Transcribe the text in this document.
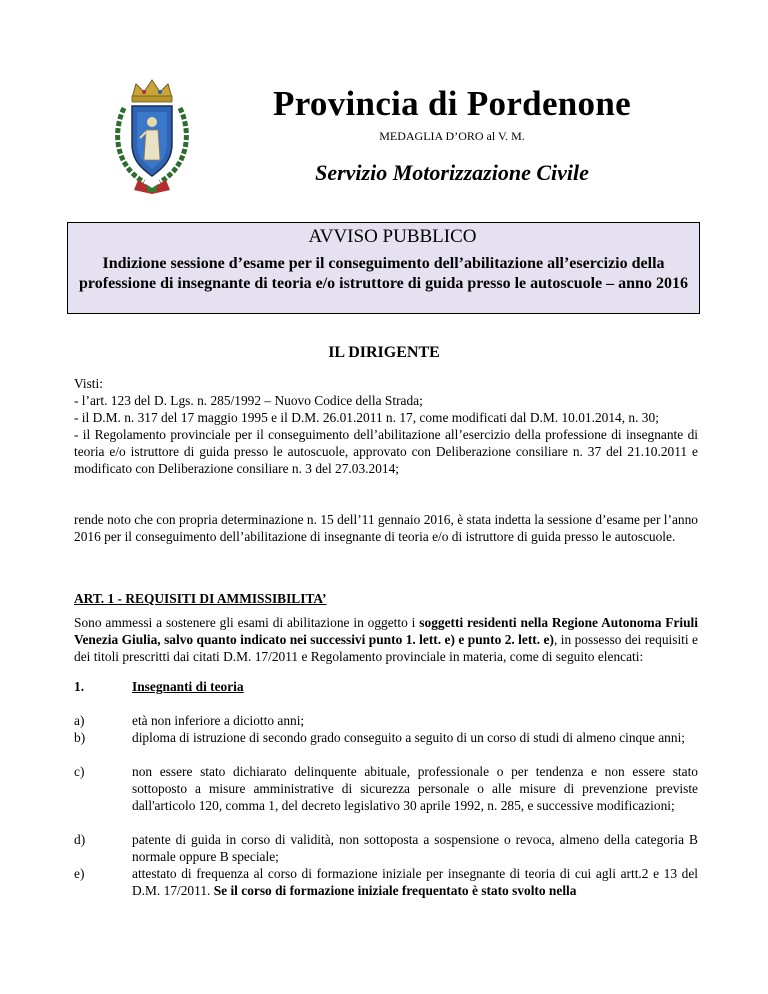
Provincia di Pordenone
MEDAGLIA D’ORO al V. M.
Servizio Motorizzazione Civile
AVVISO PUBBLICO
Indizione sessione d’esame per il conseguimento dell’abilitazione all’esercizio della professione di insegnante di teoria e/o istruttore di guida presso le autoscuole – anno 2016
IL DIRIGENTE

Visti:

- l’art. 123 del D. Lgs. n. 285/1992 – Nuovo Codice della Strada;

- il D.M. n. 317 del 17 maggio 1995 e il D.M. 26.01.2011 n. 17, come modificati dal D.M. 10.01.2014, n. 30;

- il Regolamento provinciale per il conseguimento dell’abilitazione all’esercizio della professione di insegnante di teoria e/o istruttore di guida presso le autoscuole, approvato con Deliberazione consiliare n. 37 del 21.10.2011 e modificato con Deliberazione consiliare n. 3 del 27.03.2014;

rende noto che con propria determinazione n. 15 dell’11 gennaio 2016, è stata indetta la sessione d’esame per l’anno 2016 per il conseguimento dell’abilitazione di insegnante di teoria e/o di istruttore di guida presso le autoscuole.
ART. 1 - REQUISITI DI AMMISSIBILITA’
Sono ammessi a sostenere gli esami di abilitazione in oggetto i soggetti residenti nella Regione Autonoma Friuli Venezia Giulia, salvo quanto indicato nei successivi punto 1. lett. e) e punto 2. lett. e), in possesso dei requisiti e dei titoli prescritti dai citati D.M. 17/2011 e Regolamento provinciale in materia, come di seguito elencati:
1.	Insegnanti di teoria
a)	età non inferiore a diciotto anni;
b)	diploma di istruzione di secondo grado conseguito a seguito di un corso di studi di almeno cinque anni;
c)	non essere stato dichiarato delinquente abituale, professionale o per tendenza e non essere stato sottoposto a misure amministrative di sicurezza personale o alle misure di prevenzione previste dall'articolo 120, comma 1, del decreto legislativo 30 aprile 1992, n. 285, e successive modificazioni;
d)	patente di guida in corso di validità, non sottoposta a sospensione o revoca, almeno della categoria B normale oppure B speciale;
e)	attestato di frequenza al corso di formazione iniziale per insegnante di teoria di cui agli artt.2 e 13 del D.M. 17/2011. Se il corso di formazione iniziale frequentato è stato svolto nella
